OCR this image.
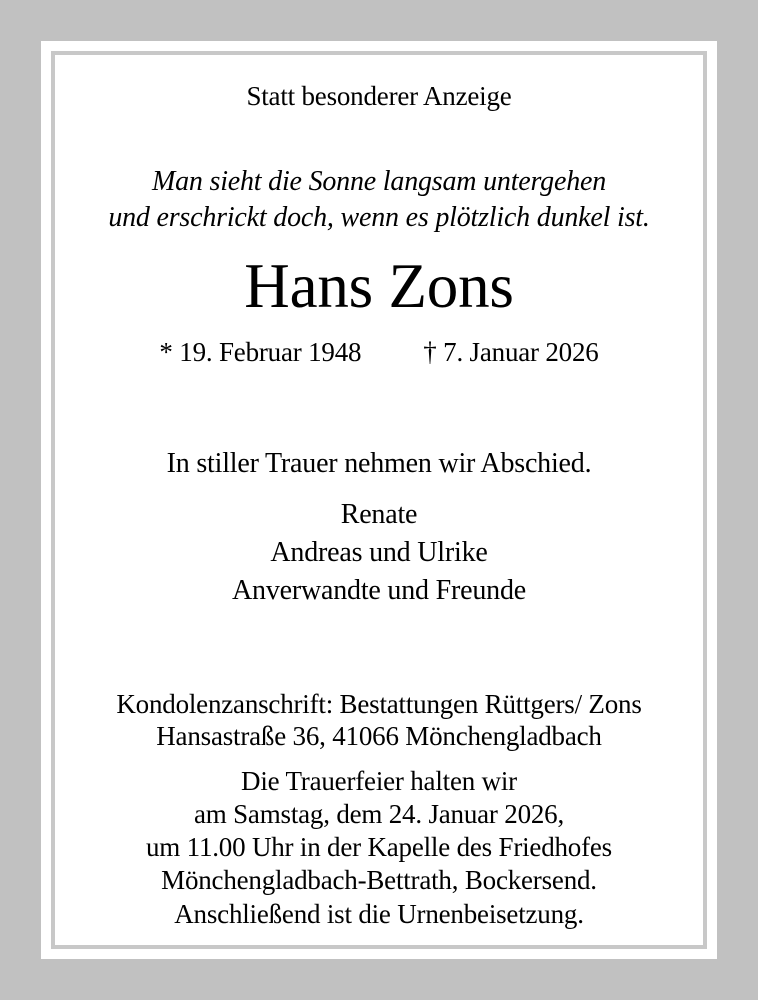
Statt besonderer Anzeige
Man sieht die Sonne langsam untergehen
und erschrickt doch, wenn es plötzlich dunkel ist.
Hans Zons
* 19. Februar 1948 † 7. Januar 2026
In stiller Trauer nehmen wir Abschied.
Renate
Andreas und Ulrike
Anverwandte und Freunde
Kondolenzanschrift: Bestattungen Rüttgers/ Zons
Hansastraße 36, 41066 Mönchengladbach
Die Trauerfeier halten wir
am Samstag, dem 24. Januar 2026,
um 11.00 Uhr in der Kapelle des Friedhofes
Mönchengladbach-Bettrath, Bockersend.
Anschließend ist die Urnenbeisetzung.
